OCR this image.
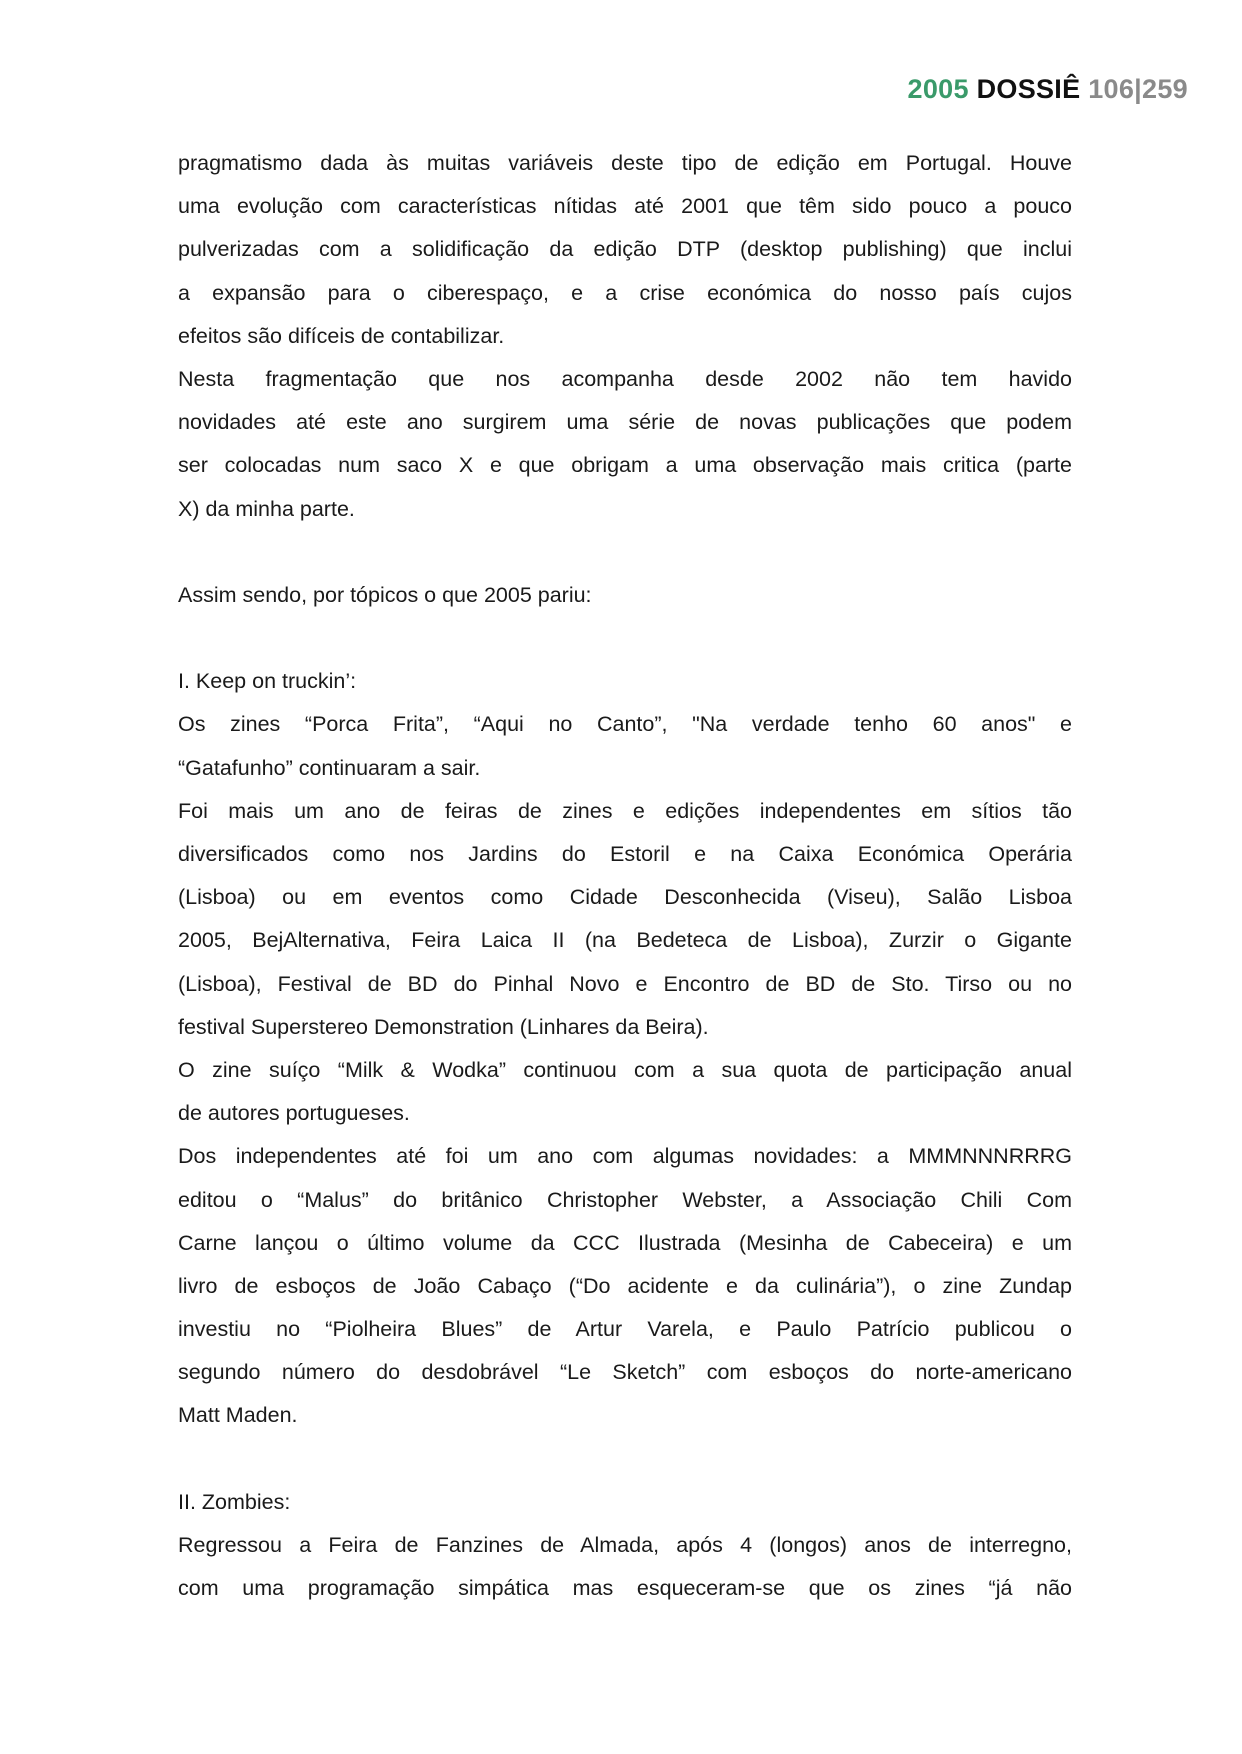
2005 DOSSIÊ 106|259
pragmatismo dada às muitas variáveis deste tipo de edição em Portugal. Houve
uma evolução com características nítidas até 2001 que têm sido pouco a pouco
pulverizadas com a solidificação da edição DTP (desktop publishing) que inclui
a expansão para o ciberespaço, e a crise económica do nosso país cujos
efeitos são difíceis de contabilizar.
Nesta fragmentação que nos acompanha desde 2002 não tem havido
novidades até este ano surgirem uma série de novas publicações que podem
ser colocadas num saco X e que obrigam a uma observação mais critica (parte
X) da minha parte.
Assim sendo, por tópicos o que 2005 pariu:
I. Keep on truckin’:
Os zines “Porca Frita”, “Aqui no Canto”, "Na verdade tenho 60 anos" e
“Gatafunho” continuaram a sair.
Foi mais um ano de feiras de zines e edições independentes em sítios tão
diversificados como nos Jardins do Estoril e na Caixa Económica Operária
(Lisboa) ou em eventos como Cidade Desconhecida (Viseu), Salão Lisboa
2005, BejAlternativa, Feira Laica II (na Bedeteca de Lisboa), Zurzir o Gigante
(Lisboa), Festival de BD do Pinhal Novo e Encontro de BD de Sto. Tirso ou no
festival Superstereo Demonstration (Linhares da Beira).
O zine suíço “Milk & Wodka” continuou com a sua quota de participação anual
de autores portugueses.
Dos independentes até foi um ano com algumas novidades: a MMMNNNRRRG
editou o “Malus” do britânico Christopher Webster, a Associação Chili Com
Carne lançou o último volume da CCC Ilustrada (Mesinha de Cabeceira) e um
livro de esboços de João Cabaço (“Do acidente e da culinária”), o zine Zundap
investiu no “Piolheira Blues” de Artur Varela, e Paulo Patrício publicou o
segundo número do desdobrável “Le Sketch” com esboços do norte-americano
Matt Maden.
II. Zombies:
Regressou a Feira de Fanzines de Almada, após 4 (longos) anos de interregno,
com uma programação simpática mas esqueceram-se que os zines “já não
